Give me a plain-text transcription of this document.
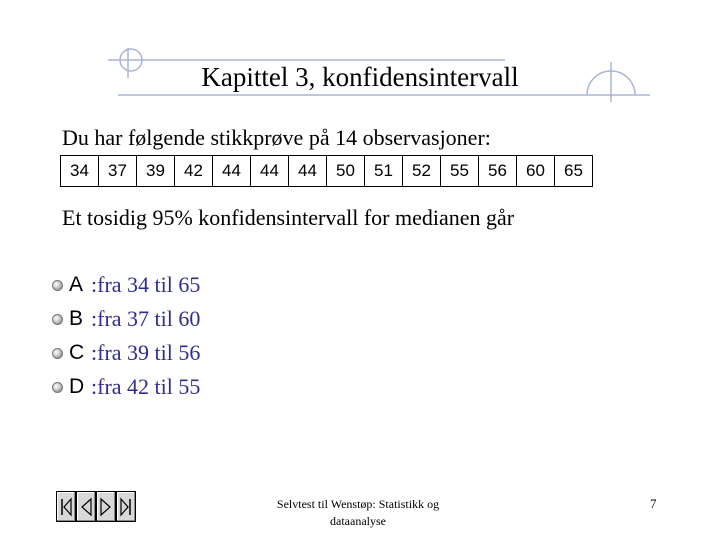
Kapittel 3, konfidensintervall
Du har følgende stikkprøve på 14 observasjoner:
34	37	39	42	44	44	44	50	51	52	55	56	60	65
Et tosidig 95% konfidensintervall for medianen går
A :fra 34 til 65
B :fra 37 til 60
C :fra 39 til 56
D :fra 42 til 55
Selvtest til Wenstøp: Statistikk og dataanalyse
7
